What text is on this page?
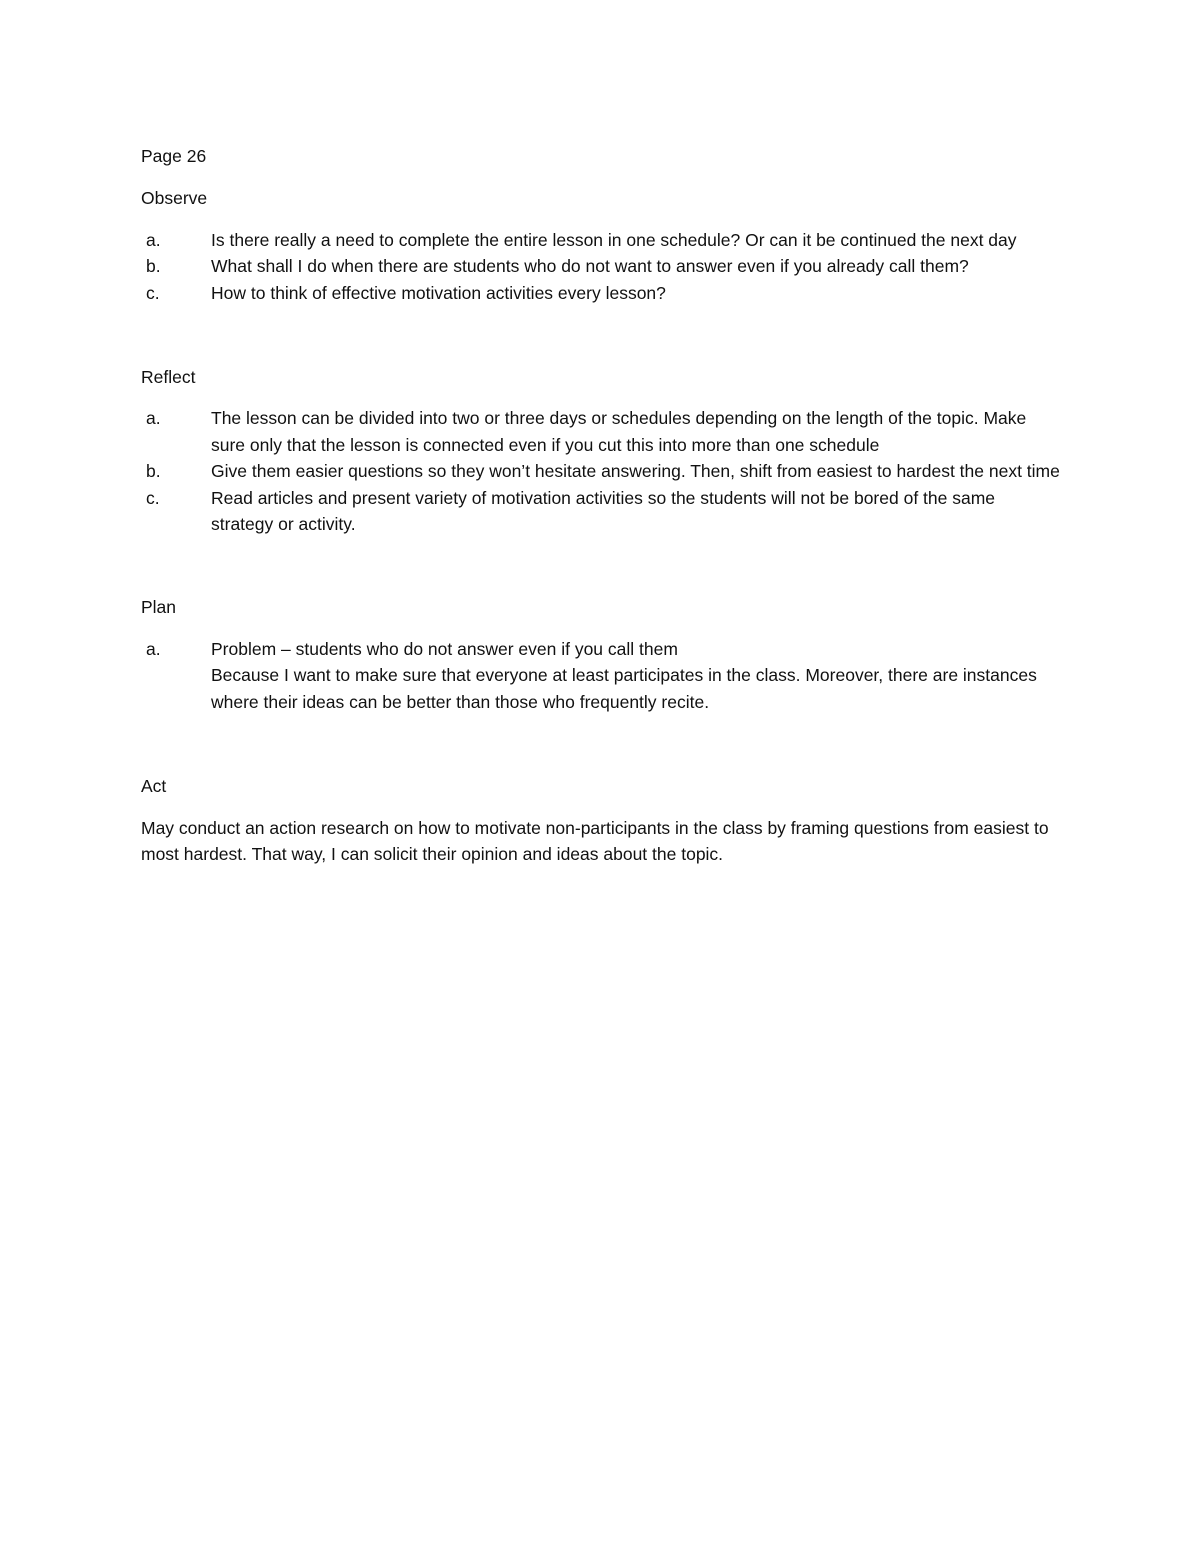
Page 26

Observe

a.	Is there really a need to complete the entire lesson in one schedule? Or can it be continued the next day
b.	What shall I do when there are students who do not want to answer even if you already call them?
c.	How to think of effective motivation activities every lesson?

Reflect

a.	The lesson can be divided into two or three days or schedules depending on the length of the topic. Make sure only that the lesson is connected even if you cut this into more than one schedule
b.	Give them easier questions so they won’t hesitate answering. Then, shift from easiest to hardest the next time
c.	Read articles and present variety of motivation activities so the students will not be bored of the same strategy or activity.

Plan

a.	Problem – students who do not answer even if you call them
Because I want to make sure that everyone at least participates in the class. Moreover, there are instances where their ideas can be better than those who frequently recite.

Act

May conduct an action research on how to motivate non-participants in the class by framing questions from easiest to most hardest. That way, I can solicit their opinion and ideas about the topic.
